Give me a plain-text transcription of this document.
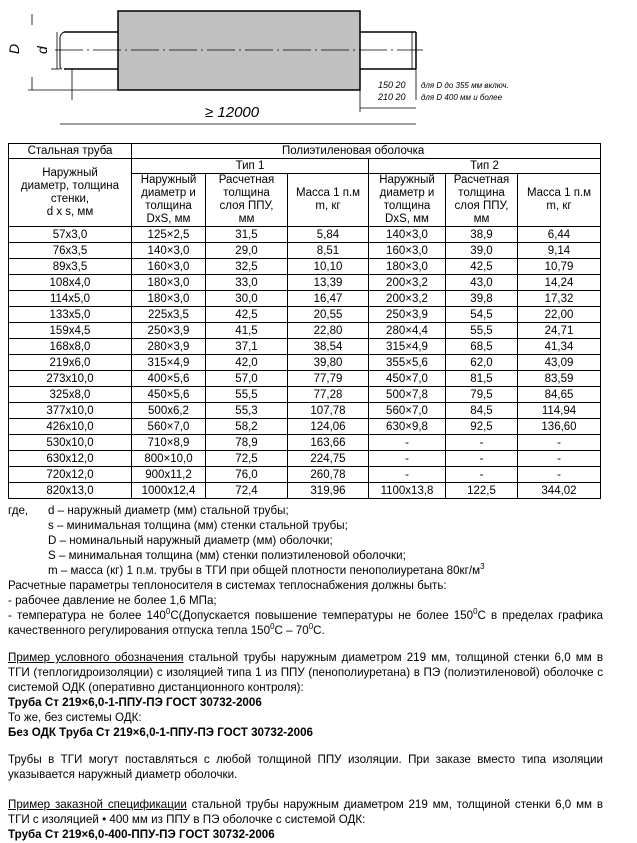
D d
≥ 12000
150 20
210 20
для D до 355 мм включ.
для D 400 мм и более
Стальная труба	Полиэтиленовая оболочка					
Наружный
диаметр, толщина
стенки,
d x s, мм	Тип 1			Тип 2		
	Наружный
диаметр и
толщина
DxS, мм	Расчетная
толщина
слоя ППУ,
мм	Масса 1 п.м
m, кг	Наружный
диаметр и
толщина
DxS, мм	Расчетная
толщина
слоя ППУ,
мм	Масса 1 п.м
m, кг
57x3,0	125×2,5	31,5	5,84	140×3,0	38,9	6,44
76x3,5	140×3,0	29,0	8,51	160×3,0	39,0	9,14
89x3,5	160×3,0	32,5	10,10	180×3,0	42,5	10,79
108x4,0	180×3,0	33,0	13,39	200×3,2	43,0	14,24
114x5,0	180×3,0	30,0	16,47	200×3,2	39,8	17,32
133x5,0	225x3,5	42,5	20,55	250×3,9	54,5	22,00
159x4,5	250×3,9	41,5	22,80	280×4,4	55,5	24,71
168x8,0	280×3,9	37,1	38,54	315×4,9	68,5	41,34
219x6,0	315×4,9	42,0	39,80	355×5,6	62,0	43,09
273x10,0	400×5,6	57,0	77,79	450×7,0	81,5	83,59
325x8,0	450×5,6	55,5	77,28	500×7,8	79,5	84,65
377x10,0	500x6,2	55,3	107,78	560×7,0	84,5	114,94
426x10,0	560×7,0	58,2	124,06	630×9,8	92,5	136,60
530x10,0	710×8,9	78,9	163,66	-	-	-
630x12,0	800×10,0	72,5	224,75	-	-	-
720x12,0	900x11,2	76,0	260,78	-	-	-
820x13,0	1000x12,4	72,4	319,96	1100x13,8	122,5	344,02

где, d – наружный диаметр (мм) стальной трубы;

s – минимальная толщина (мм) стенки стальной трубы;

D – номинальный наружный диаметр (мм) оболочки;

S – минимальная толщина (мм) стенки полиэтиленовой оболочки;

m – масса (кг) 1 п.м. трубы в ТГИ при общей плотности пенополиуретана $80кг/м^3$

Расчетные параметры теплоносителя в системах теплоснабжения должны быть:

- рабочее давление не более 1,6 МПа;

- температура не более $140^0С(Допускается$ повышение температуры не более $150^0С$ в пределах графика качественного регулирования отпуска тепла $150^0С - 70^0С$.

Пример условного обозначения стальной трубы наружным диаметром 219 мм, толщиной стенки 6,0 мм в ТГИ (теплогидроизоляции) с изоляцией типа 1 из ППУ (пенополиуретана) в ПЭ (полиэтиленовой) оболочке с системой ОДК (оперативно дистанционного контроля):

Труба Ст 219×6,0-1-ППУ-ПЭ ГОСТ 30732-2006

То же, без системы ОДК:

Без ОДК Труба Ст 219×6,0-1-ППУ-ПЭ ГОСТ 30732-2006

Трубы в ТГИ могут поставляться с любой толщиной ППУ изоляции. При заказе вместо типа изоляции указывается наружный диаметр оболочки.

Пример заказной спецификации стальной трубы наружным диаметром 219 мм, толщиной стенки 6,0 мм в ТГИ с изоляцией • 400 мм из ППУ в ПЭ оболочке с системой ОДК:

Труба Ст 219×6,0-400-ППУ-ПЭ ГОСТ 30732-2006
